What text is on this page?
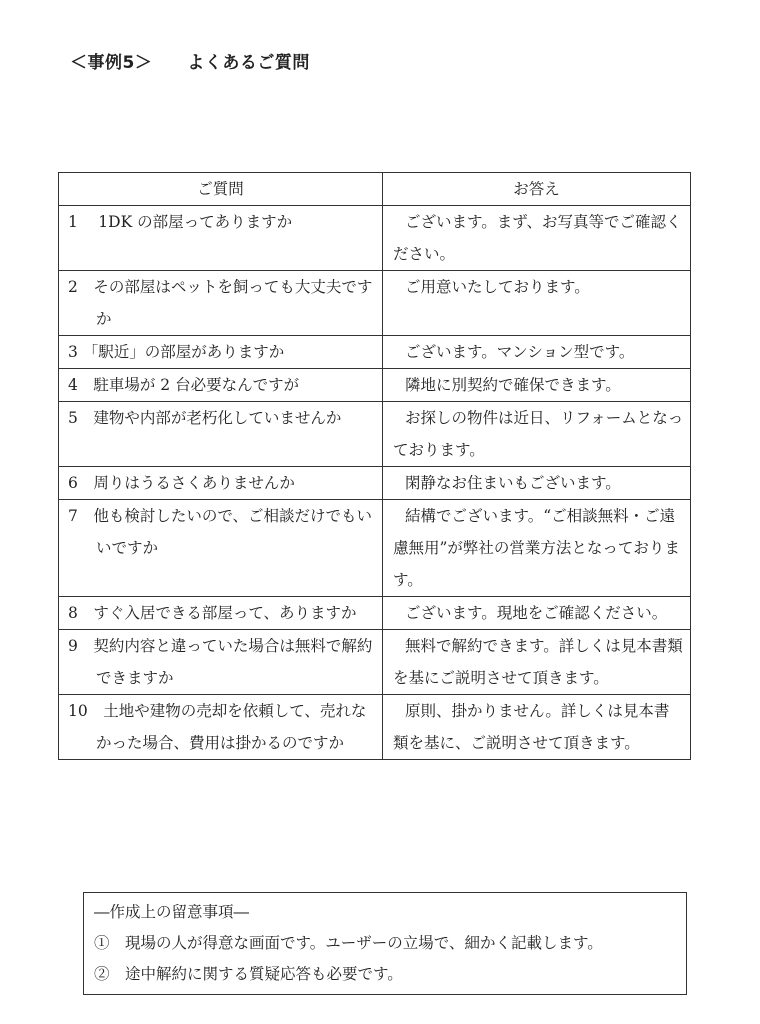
＜事例5＞　　よくあるご質問
ご質問	お答え
1　 1DK の部屋ってありますか	ございます。まず、お写真等でご確認ください。
2　その部屋はペットを飼っても大丈夫ですか	ご用意いたしております。
3 「駅近」の部屋がありますか	ございます。マンション型です。
4　駐車場が 2 台必要なんですが	隣地に別契約で確保できます。
5　建物や内部が老朽化していませんか	お探しの物件は近日、リフォームとなっております。
6　周りはうるさくありませんか	閑静なお住まいもございます。
7　他も検討したいので、ご相談だけでもいいですか	結構でございます。“ご相談無料・ご遠慮無用”が弊社の営業方法となっております。
8　すぐ入居できる部屋って、ありますか	ございます。現地をご確認ください。
9　契約内容と違っていた場合は無料で解約できますか	無料で解約できます。詳しくは見本書類を基にご説明させて頂きます。
10　土地や建物の売却を依頼して、売れなかった場合、費用は掛かるのですか	原則、掛かりません。詳しくは見本書類を基に、ご説明させて頂きます。
―作成上の留意事項―
①　現場の人が得意な画面です。ユーザーの立場で、細かく記載します。
②　途中解約に関する質疑応答も必要です。
